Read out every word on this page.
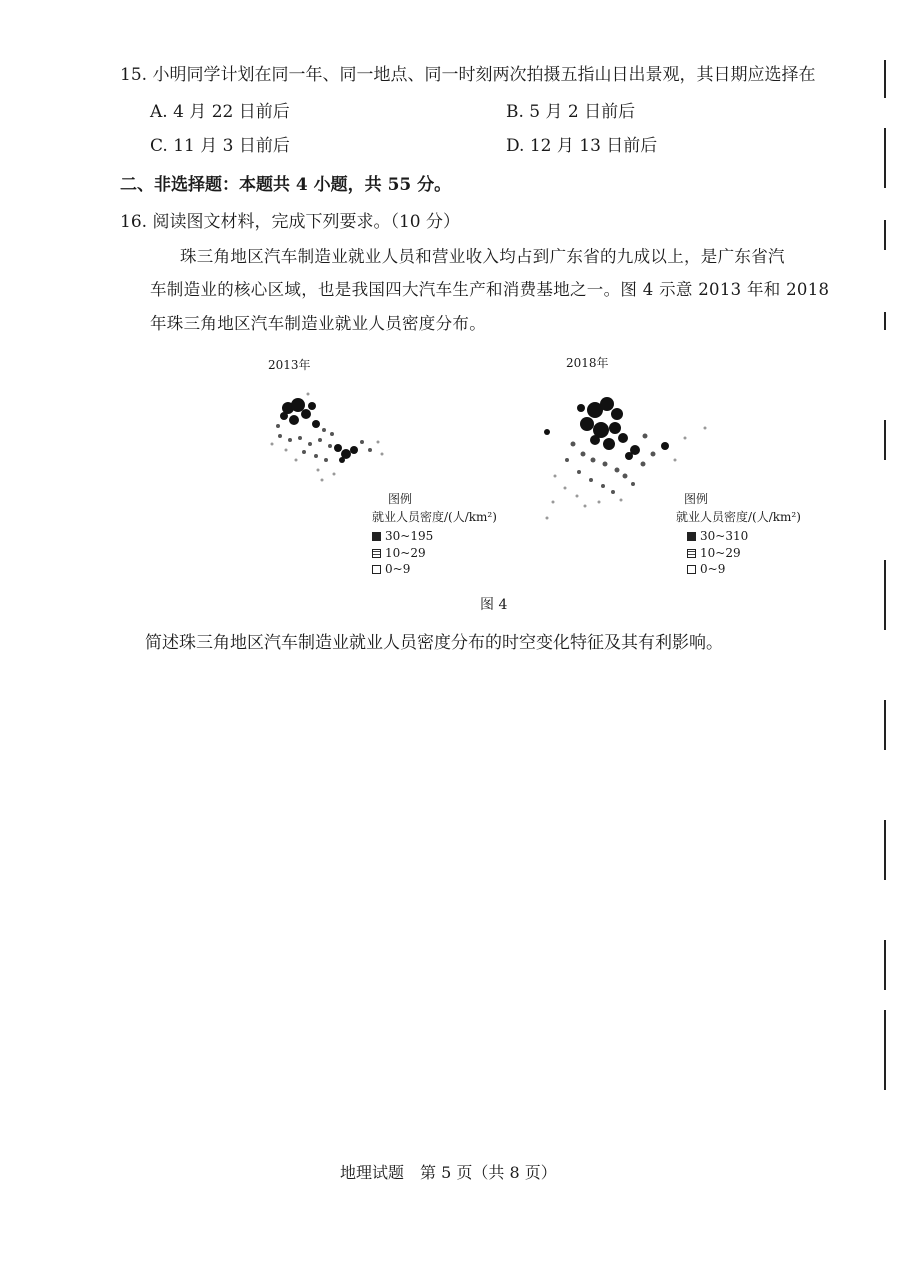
15. 小明同学计划在同一年、同一地点、同一时刻两次拍摄五指山日出景观，其日期应选择在
A. 4 月 22 日前后	B. 5 月 2 日前后
C. 11 月 3 日前后	D. 12 月 13 日前后
二、非选择题：本题共 4 小题，共 55 分。
16. 阅读图文材料，完成下列要求。（10 分）
珠三角地区汽车制造业就业人员和营业收入均占到广东省的九成以上，是广东省汽
车制造业的核心区域，也是我国四大汽车生产和消费基地之一。图 4 示意 2013 年和 2018
年珠三角地区汽车制造业就业人员密度分布。
2013年
图例
就业人员密度/(人/km²)
30~195
10~29
0~9
2018年
图例
就业人员密度/(人/km²)
30~310
10~29
0~9
图 4
简述珠三角地区汽车制造业就业人员密度分布的时空变化特征及其有利影响。
地理试题　第 5 页（共 8 页）
